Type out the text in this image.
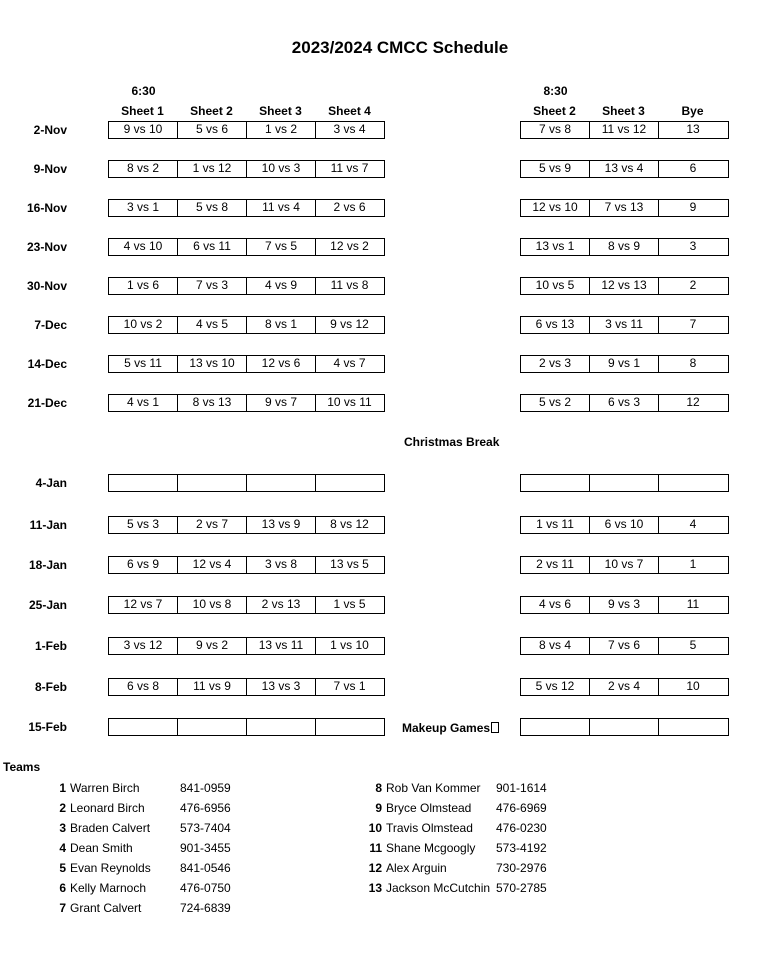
2023/2024 CMCC Schedule
6:30	8:30
Sheet 1	Sheet 2	Sheet 3	Sheet 4	Sheet 2	Sheet 3	Bye
2-Nov	9 vs 10	5 vs 6	1 vs 2	3 vs 4	7 vs 8	11 vs 12	13
9-Nov	8 vs 2	1 vs 12	10 vs 3	11 vs 7	5 vs 9	13 vs 4	6
16-Nov	3 vs 1	5 vs 8	11 vs 4	2 vs 6	12 vs 10	7 vs 13	9
23-Nov	4 vs 10	6 vs 11	7 vs 5	12 vs 2	13 vs 1	8 vs 9	3
30-Nov	1 vs 6	7 vs 3	4 vs 9	11 vs 8	10 vs 5	12 vs 13	2
7-Dec	10 vs 2	4 vs 5	8 vs 1	9 vs 12	6 vs 13	3 vs 11	7
14-Dec	5 vs 11	13 vs 10	12 vs 6	4 vs 7	2 vs 3	9 vs 1	8
21-Dec	4 vs 1	8 vs 13	9 vs 7	10 vs 11	5 vs 2	6 vs 3	12
4-Jan
11-Jan	5 vs 3	2 vs 7	13 vs 9	8 vs 12	1 vs 11	6 vs 10	4
18-Jan	6 vs 9	12 vs 4	3 vs 8	13 vs 5	2 vs 11	10 vs 7	1
25-Jan	12 vs 7	10 vs 8	2 vs 13	1 vs 5	4 vs 6	9 vs 3	11
1-Feb	3 vs 12	9 vs 2	13 vs 11	1 vs 10	8 vs 4	7 vs 6	5
8-Feb	6 vs 8	11 vs 9	13 vs 3	7 vs 1	5 vs 12	2 vs 4	10
15-Feb
Christmas Break
Makeup Games
Teams
1 Warren Birch	841-0959
2 Leonard Birch	476-6956
3 Braden Calvert 573-7404
4 Dean Smith	901-3455
5 Evan Reynolds 841-0546
6 Kelly Marnoch	476-0750
7 Grant Calvert	724-6839
8 Rob Van Kommer 901-1614
9 Bryce Olmstead 476-6969
10 Travis Olmstead 476-0230
11 Shane Mcgoogly 573-4192
12 Alex Arguin	730-2976
13 Jackson McCutchin 570-2785
